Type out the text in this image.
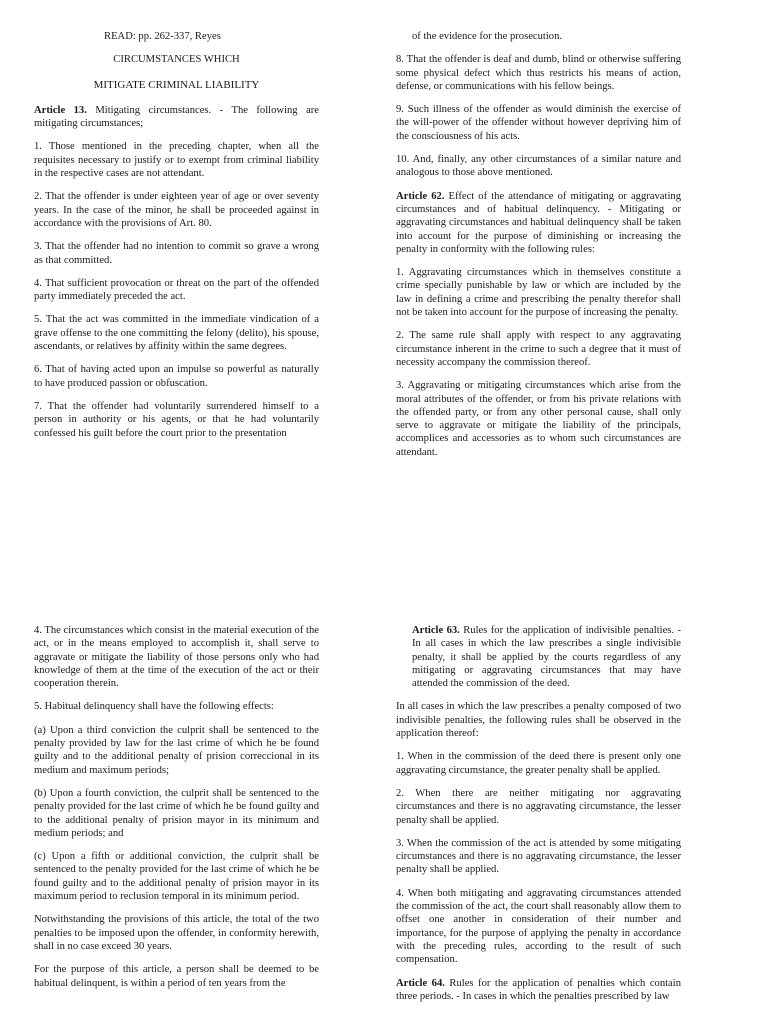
READ: pp. 262-337, Reyes

CIRCUMSTANCES WHICH

MITIGATE CRIMINAL LIABILITY

Article 13. Mitigating circumstances. - The following are mitigating circumstances;

1. Those mentioned in the preceding chapter, when all the requisites necessary to justify or to exempt from criminal liability in the respective cases are not attendant.

2. That the offender is under eighteen year of age or over seventy years. In the case of the minor, he shall be proceeded against in accordance with the provisions of Art. 80.

3. That the offender had no intention to commit so grave a wrong as that committed.

4. That sufficient provocation or threat on the part of the offended party immediately preceded the act.

5. That the act was committed in the immediate vindication of a grave offense to the one committing the felony (delito), his spouse, ascendants, or relatives by affinity within the same degrees.

6. That of having acted upon an impulse so powerful as naturally to have produced passion or obfuscation.

7. That the offender had voluntarily surrendered himself to a person in authority or his agents, or that he had voluntarily confessed his guilt before the court prior to the presentation

of the evidence for the prosecution.

8. That the offender is deaf and dumb, blind or otherwise suffering some physical defect which thus restricts his means of action, defense, or communications with his fellow beings.

9. Such illness of the offender as would diminish the exercise of the will-power of the offender without however depriving him of the consciousness of his acts.

10. And, finally, any other circumstances of a similar nature and analogous to those above mentioned.

Article 62. Effect of the attendance of mitigating or aggravating circumstances and of habitual delinquency. - Mitigating or aggravating circumstances and habitual delinquency shall be taken into account for the purpose of diminishing or increasing the penalty in conformity with the following rules:

1. Aggravating circumstances which in themselves constitute a crime specially punishable by law or which are included by the law in defining a crime and prescribing the penalty therefor shall not be taken into account for the purpose of increasing the penalty.

2. The same rule shall apply with respect to any aggravating circumstance inherent in the crime to such a degree that it must of necessity accompany the commission thereof.

3. Aggravating or mitigating circumstances which arise from the moral attributes of the offender, or from his private relations with the offended party, or from any other personal cause, shall only serve to aggravate or mitigate the liability of the principals, accomplices and accessories as to whom such circumstances are attendant.

4. The circumstances which consist in the material execution of the act, or in the means employed to accomplish it, shall serve to aggravate or mitigate the liability of those persons only who had knowledge of them at the time of the execution of the act or their cooperation therein.

5. Habitual delinquency shall have the following effects:

(a) Upon a third conviction the culprit shall be sentenced to the penalty provided by law for the last crime of which he be found guilty and to the additional penalty of prision correccional in its medium and maximum periods;

(b) Upon a fourth conviction, the culprit shall be sentenced to the penalty provided for the last crime of which he be found guilty and to the additional penalty of prision mayor in its minimum and medium periods; and

(c) Upon a fifth or additional conviction, the culprit shall be sentenced to the penalty provided for the last crime of which he be found guilty and to the additional penalty of prision mayor in its maximum period to reclusion temporal in its minimum period.

Notwithstanding the provisions of this article, the total of the two penalties to be imposed upon the offender, in conformity herewith, shall in no case exceed 30 years.

For the purpose of this article, a person shall be deemed to be habitual delinquent, is within a period of ten years from the

Article 63. Rules for the application of indivisible penalties. - In all cases in which the law prescribes a single indivisible penalty, it shall be applied by the courts regardless of any mitigating or aggravating circumstances that may have attended the commission of the deed.

In all cases in which the law prescribes a penalty composed of two indivisible penalties, the following rules shall be observed in the application thereof:

1. When in the commission of the deed there is present only one aggravating circumstance, the greater penalty shall be applied.

2. When there are neither mitigating nor aggravating circumstances and there is no aggravating circumstance, the lesser penalty shall be applied.

3. When the commission of the act is attended by some mitigating circumstances and there is no aggravating circumstance, the lesser penalty shall be applied.

4. When both mitigating and aggravating circumstances attended the commission of the act, the court shall reasonably allow them to offset one another in consideration of their number and importance, for the purpose of applying the penalty in accordance with the preceding rules, according to the result of such compensation.

Article 64. Rules for the application of penalties which contain three periods. - In cases in which the penalties prescribed by law
